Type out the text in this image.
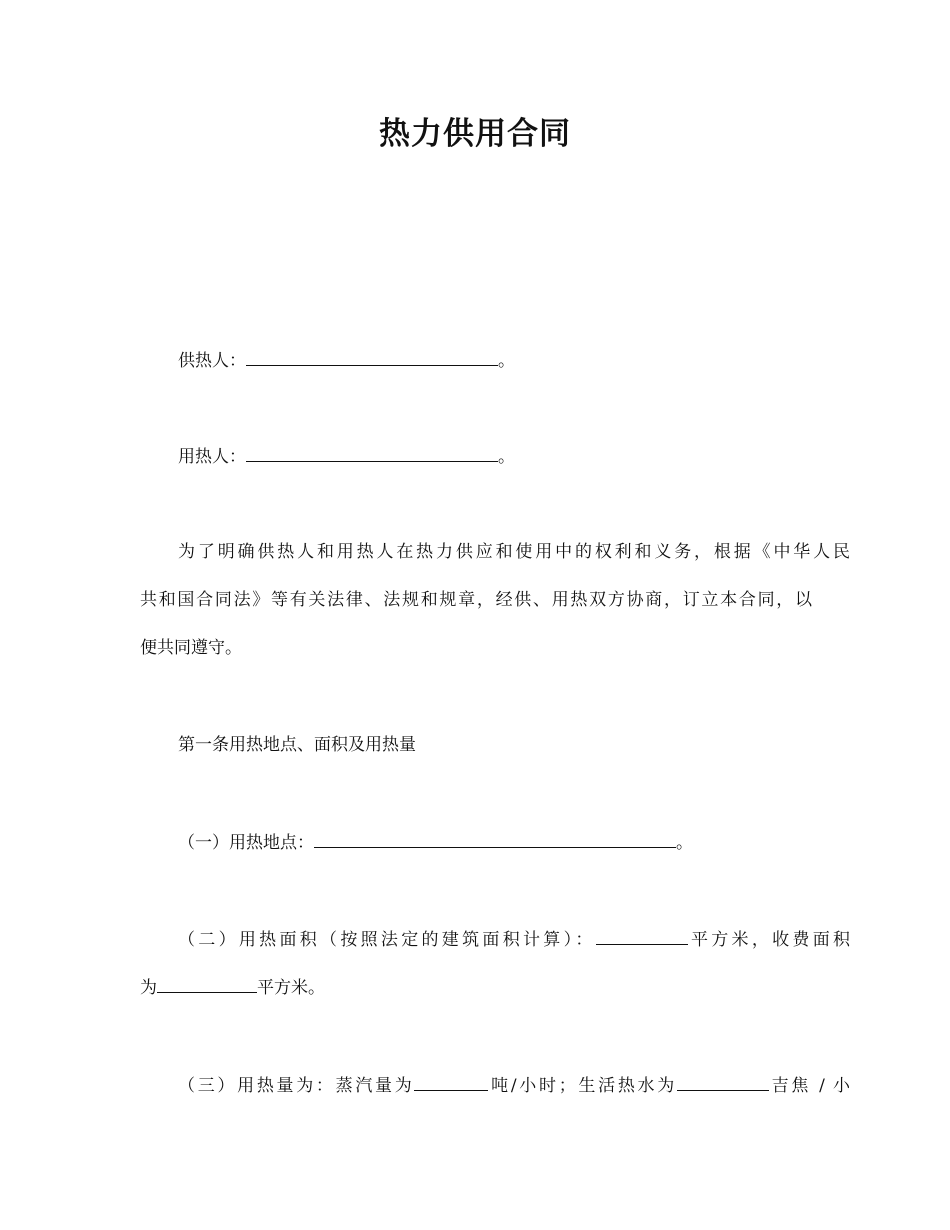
热力供用合同
供热人：	。
用热人：	。
为了明确供热人和用热人在热力供应和使用中的权利和义务，根据《中华人民
共和国合同法》等有关法律、法规和规章，经供、用热双方协商，订立本合同，以
便共同遵守。
第一条用热地点、面积及用热量
（一）用热地点：	。
（二）用热面积（按照法定的建筑面积计算）：	平方米，收费面积
为	平方米。
（三）用热量为：蒸汽量为	吨/小时；生活热水为	吉焦 / 小
